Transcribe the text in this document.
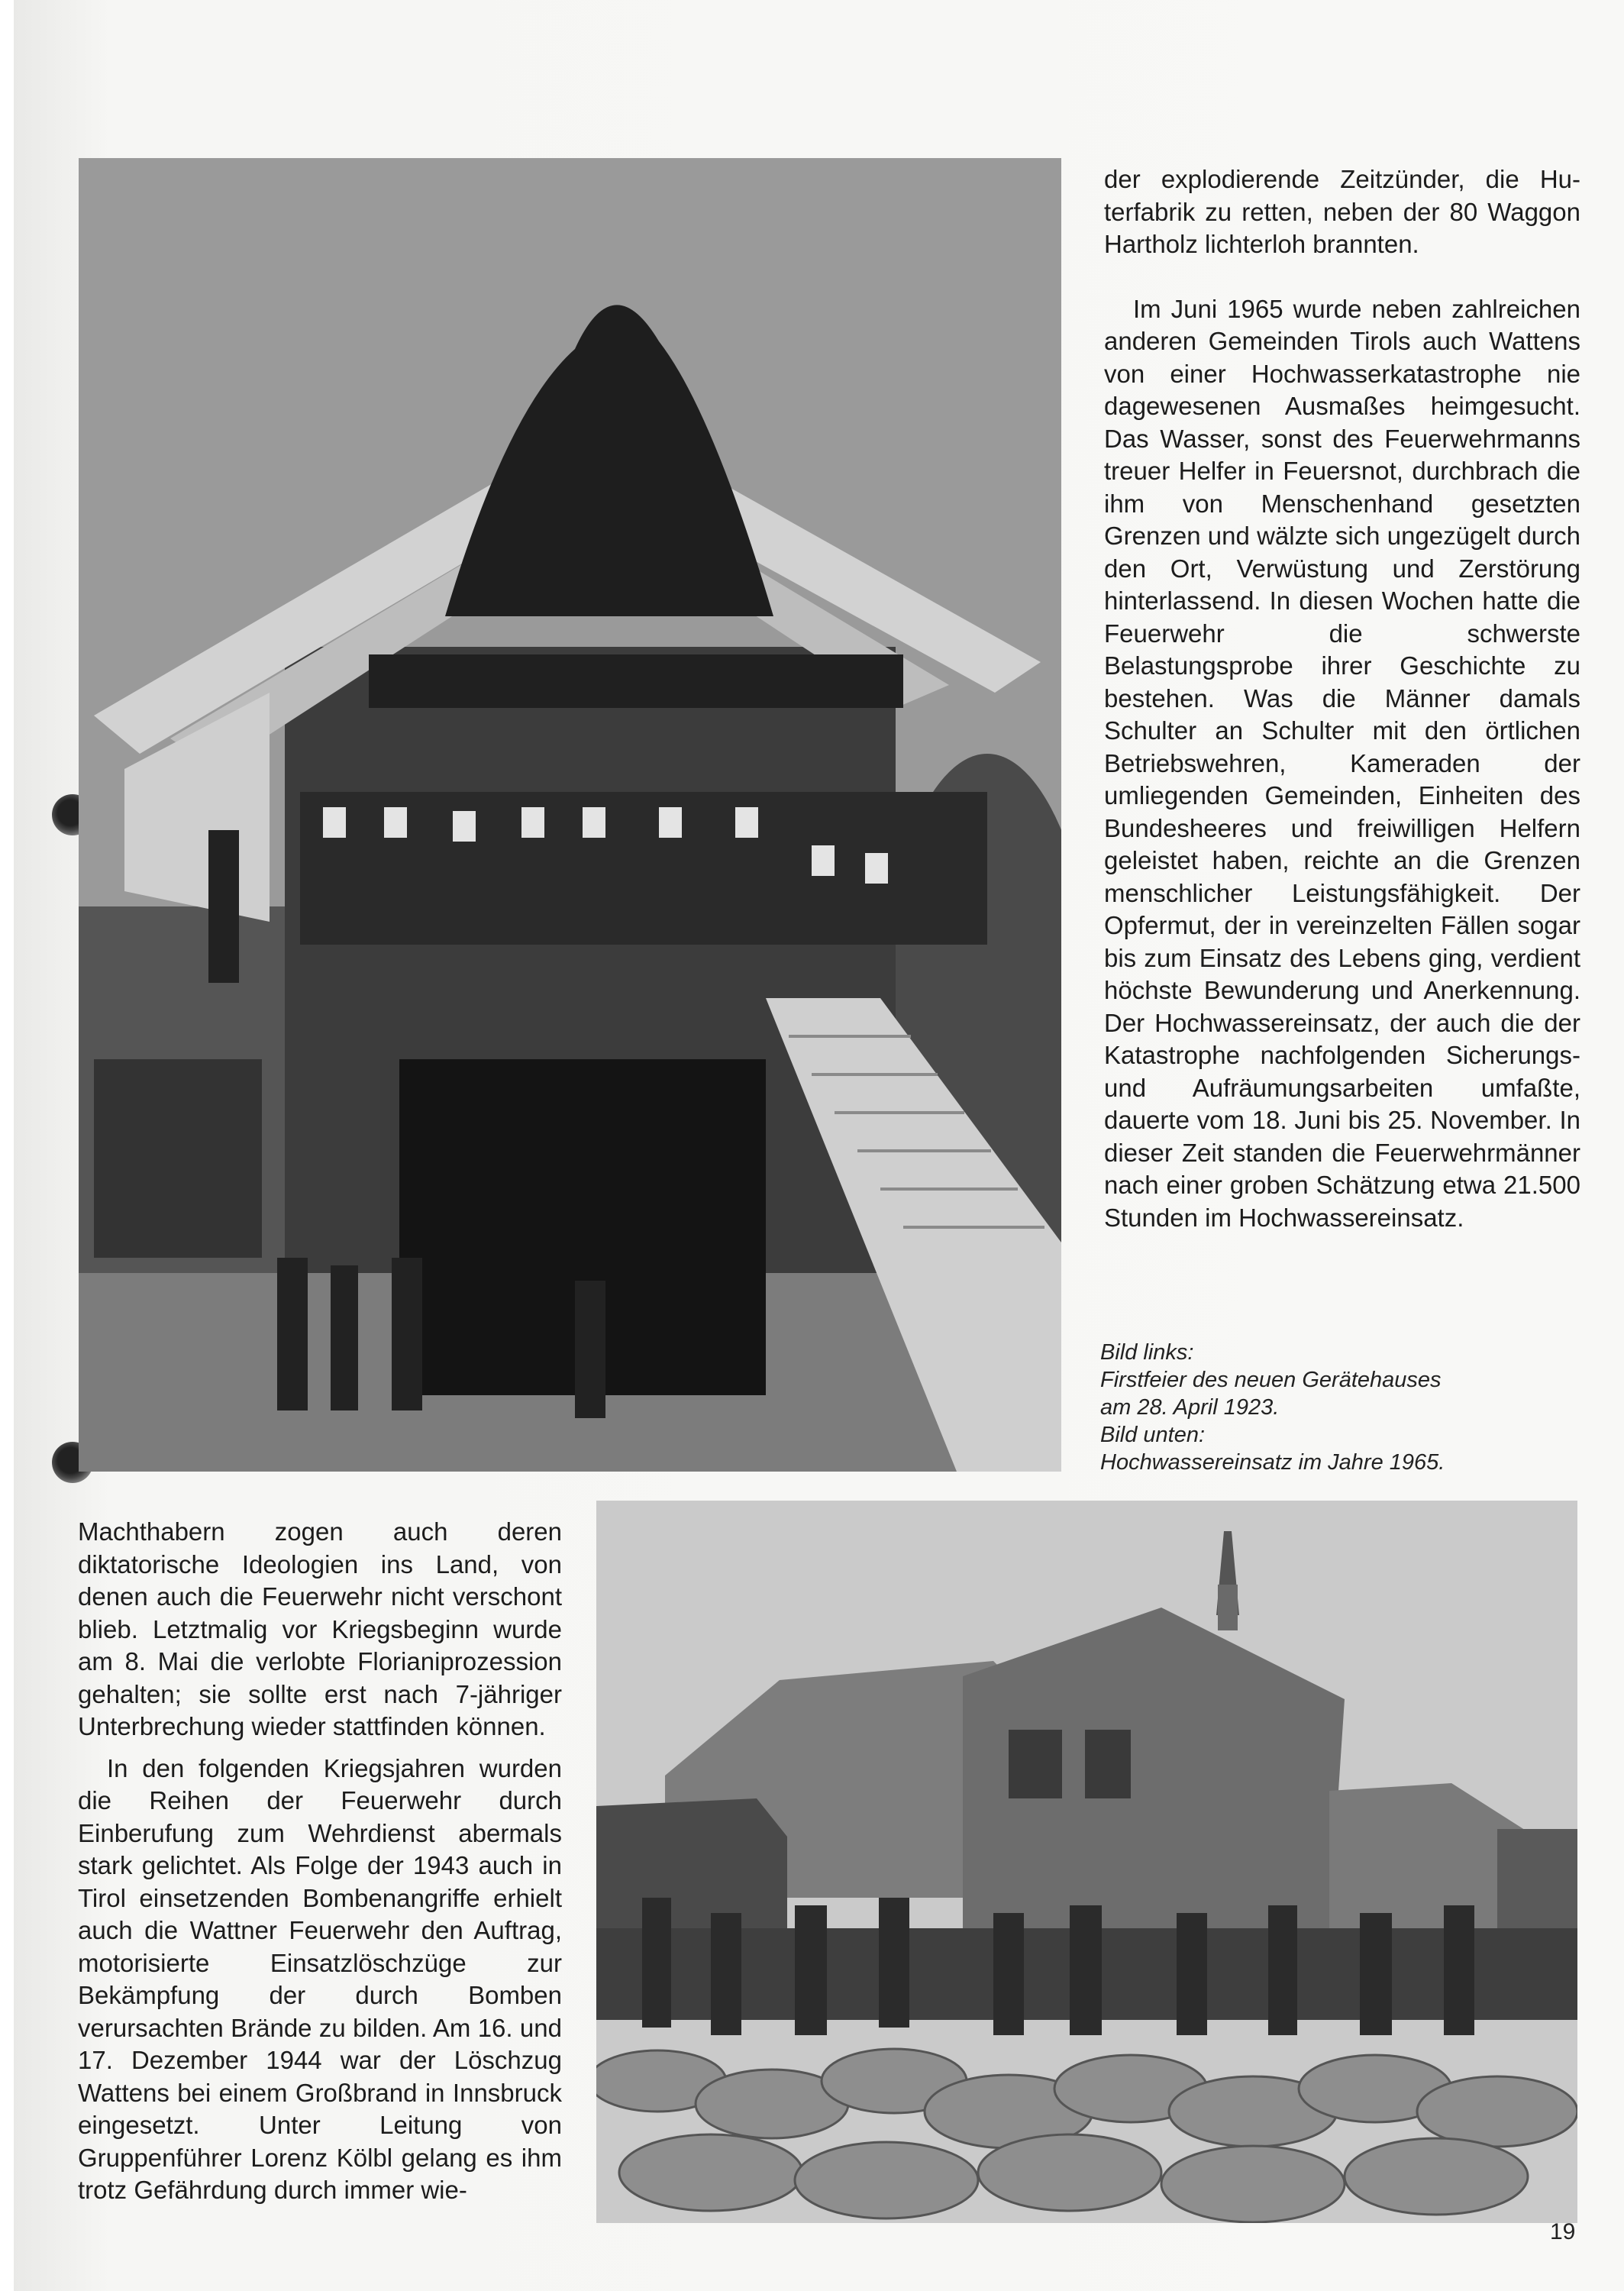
der explodierende Zeitzünder, die Hu-terfabrik zu retten, neben der 80 Waggon Hartholz lichterloh brannten.

Im Juni 1965 wurde neben zahlreichen anderen Gemeinden Tirols auch Wattens von einer Hochwasserkatastrophe nie dagewesenen Ausmaßes heimgesucht. Das Wasser, sonst des Feuerwehrmanns treuer Helfer in Feuersnot, durchbrach die ihm von Menschenhand gesetzten Grenzen und wälzte sich ungezügelt durch den Ort, Verwüstung und Zerstörung hinterlassend. In diesen Wochen hatte die Feuerwehr die schwerste Belastungsprobe ihrer Geschichte zu bestehen. Was die Männer damals Schulter an Schulter mit den örtlichen Betriebswehren, Kameraden der umliegenden Gemeinden, Einheiten des Bundesheeres und freiwilligen Helfern geleistet haben, reichte an die Grenzen menschlicher Leistungsfähigkeit. Der Opfermut, der in vereinzelten Fällen sogar bis zum Einsatz des Lebens ging, verdient höchste Bewunderung und Anerkennung. Der Hochwassereinsatz, der auch die der Katastrophe nachfolgenden Sicherungs- und Aufräumungsarbeiten umfaßte, dauerte vom 18. Juni bis 25. November. In dieser Zeit standen die Feuerwehrmänner nach einer groben Schätzung etwa 21.500 Stunden im Hochwassereinsatz.

Bild links:
Firstfeier des neuen Gerätehauses
am 28. April 1923.
Bild unten:
Hochwassereinsatz im Jahre 1965.

Machthabern zogen auch deren diktatorische Ideologien ins Land, von denen auch die Feuerwehr nicht verschont blieb. Letztmalig vor Kriegsbeginn wurde am 8. Mai die verlobte Florianiprozession gehalten; sie sollte erst nach 7-jähriger Unterbrechung wieder stattfinden können.

In den folgenden Kriegsjahren wurden die Reihen der Feuerwehr durch Einberufung zum Wehrdienst abermals stark gelichtet. Als Folge der 1943 auch in Tirol einsetzenden Bombenangriffe erhielt auch die Wattner Feuerwehr den Auftrag, motorisierte Einsatzlöschzüge zur Bekämpfung der durch Bomben verursachten Brände zu bilden. Am 16. und 17. Dezember 1944 war der Löschzug Wattens bei einem Großbrand in Innsbruck eingesetzt. Unter Leitung von Gruppenführer Lorenz Kölbl gelang es ihm trotz Gefährdung durch immer wie-

19
